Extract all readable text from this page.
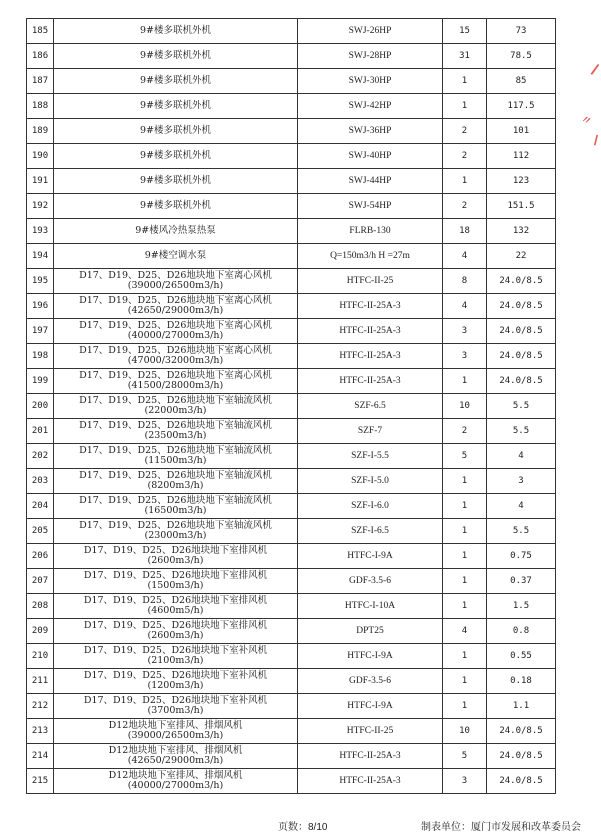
185	9#楼多联机外机	SWJ-26HP	15	73
186	9#楼多联机外机	SWJ-28HP	31	78.5
187	9#楼多联机外机	SWJ-30HP	1	85
188	9#楼多联机外机	SWJ-42HP	1	117.5
189	9#楼多联机外机	SWJ-36HP	2	101
190	9#楼多联机外机	SWJ-40HP	2	112
191	9#楼多联机外机	SWJ-44HP	1	123
192	9#楼多联机外机	SWJ-54HP	2	151.5
193	9#楼风冷热泵热泵	FLRB-130	18	132
194	9#楼空调水泵	Q=150m3/h H =27m	4	22
195	D17、D19、D25、D26地块地下室离心风机
(39000/26500m3/h)	HTFC-II-25	8	24.0/8.5
196	D17、D19、D25、D26地块地下室离心风机
(42650/29000m3/h)	HTFC-II-25A-3	4	24.0/8.5
197	D17、D19、D25、D26地块地下室离心风机
(40000/27000m3/h)	HTFC-II-25A-3	3	24.0/8.5
198	D17、D19、D25、D26地块地下室离心风机
(47000/32000m3/h)	HTFC-II-25A-3	3	24.0/8.5
199	D17、D19、D25、D26地块地下室离心风机
(41500/28000m3/h)	HTFC-II-25A-3	1	24.0/8.5
200	D17、D19、D25、D26地块地下室轴流风机
(22000m3/h)	SZF-6.5	10	5.5
201	D17、D19、D25、D26地块地下室轴流风机
(23500m3/h)	SZF-7	2	5.5
202	D17、D19、D25、D26地块地下室轴流风机
(11500m3/h)	SZF-I-5.5	5	4
203	D17、D19、D25、D26地块地下室轴流风机
(8200m3/h)	SZF-I-5.0	1	3
204	D17、D19、D25、D26地块地下室轴流风机
(16500m3/h)	SZF-I-6.0	1	4
205	D17、D19、D25、D26地块地下室轴流风机
(23000m3/h)	SZF-I-6.5	1	5.5
206	D17、D19、D25、D26地块地下室排风机
(2600m3/h)	HTFC-I-9A	1	0.75
207	D17、D19、D25、D26地块地下室排风机
(1500m3/h)	GDF-3.5-6	1	0.37
208	D17、D19、D25、D26地块地下室排风机
(4600m5/h)	HTFC-I-10A	1	1.5
209	D17、D19、D25、D26地块地下室排风机
(2600m3/h)	DPT25	4	0.8
210	D17、D19、D25、D26地块地下室补风机
(2100m3/h)	HTFC-I-9A	1	0.55
211	D17、D19、D25、D26地块地下室补风机
(1200m3/h)	GDF-3.5-6	1	0.18
212	D17、D19、D25、D26地块地下室补风机
(3700m3/h)	HTFC-I-9A	1	1.1
213	D12地块地下室排风、排烟风机
(39000/26500m3/h)	HTFC-II-25	10	24.0/8.5
214	D12地块地下室排风、排烟风机
(42650/29000m3/h)	HTFC-II-25A-3	5	24.0/8.5
215	D12地块地下室排风、排烟风机
(40000/27000m3/h)	HTFC-II-25A-3	3	24.0/8.5
页数：8/10	制表单位：厦门市发展和改革委员会
/
〃
\
